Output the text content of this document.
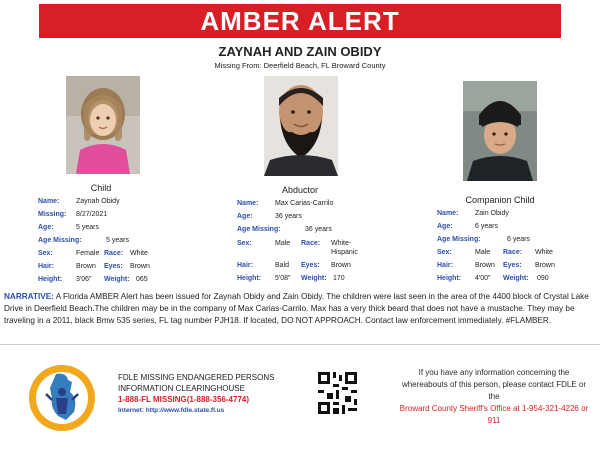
AMBER ALERT
ZAYNAH AND ZAIN OBIDY
Missing From: Deerfield Beach, FL Broward County
Child
Name: Zaynah Obidy
Missing: 8/27/2021
Age:	5 years
Age Missing:	5 years
Sex:	Female Race: White
Hair:	Brown Eyes: Brown
Height: 3'06" Weight: 065
Abductor
Name: Max Carias-Carrilo
Age:	36 years
Age Missing:	36 years
Sex:	Male Race: White-
Hispanic
Hair:	Bald Eyes: Brown
Height: 5'08" Weight: 170
Companion Child
Name: Zain Obidy
Age:	6 years
Age Missing:	6 years
Sex:	Male Race: White
Hair:	Brown Eyes: Brown
Height: 4'00" Weight: 090
NARRATIVE: A Florida AMBER Alert has been issued for Zaynah Obidy and Zain Obidy. The children were last seen in the area of the 4400 block of Crystal Lake Drive in Deerfield Beach.The children may be in the company of Max Carias-Carrilo. Max has a very thick beard that does not have a mustache. They may be traveling in a 2011, black Bmw 535 series, FL tag number PJH18. If located, DO NOT APPROACH. Contact law enforcement immediately. #FLAMBER.
FDLE MISSING ENDANGERED PERSONS
INFORMATION CLEARINGHOUSE
1-888-FL MISSING(1-888-356-4774)
Internet: http://www.fdle.state.fl.us
If you have any information concerning the
whereabouts of this person, please contact FDLE or
the
Broward County Sheriff's Office at 1-954-321-4226 or
911
